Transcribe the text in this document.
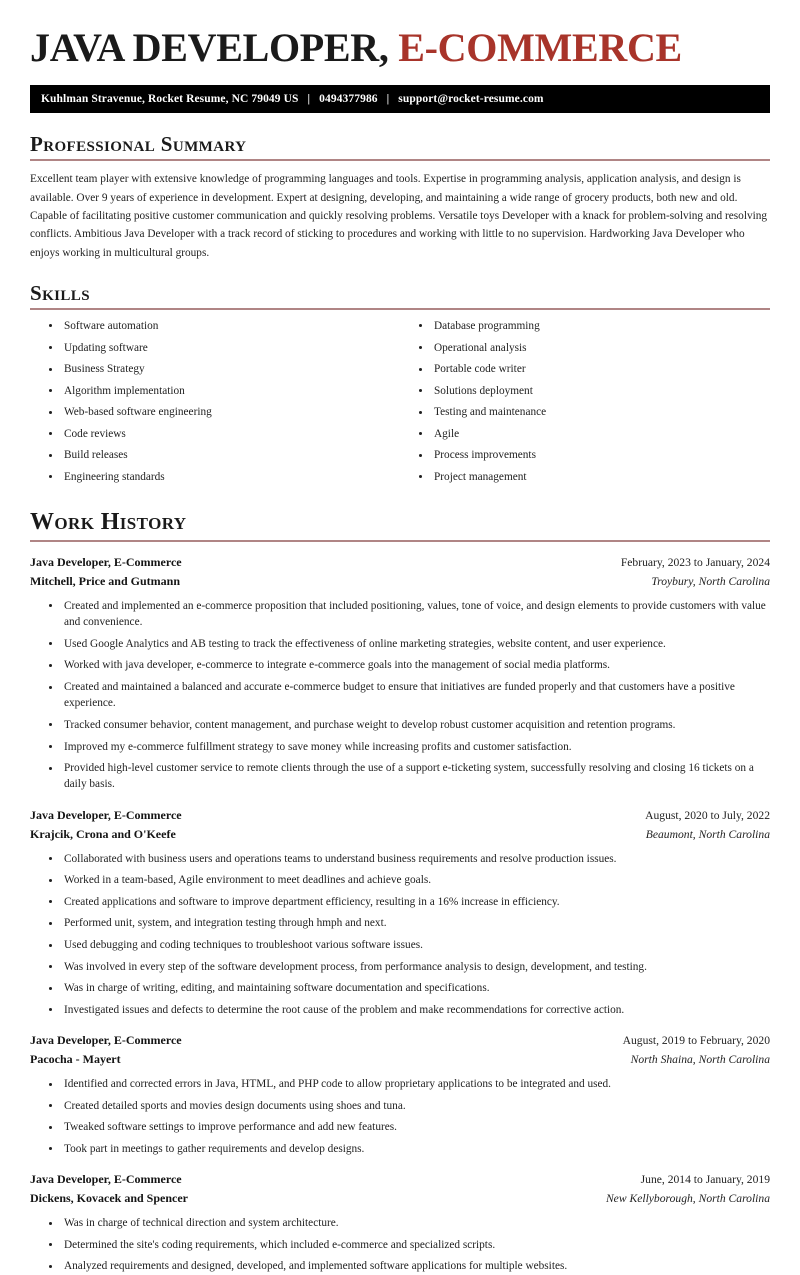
JAVA DEVELOPER, E-COMMERCE
Kuhlman Stravenue, Rocket Resume, NC 79049 US | 0494377986 | support@rocket-resume.com
Professional Summary

Excellent team player with extensive knowledge of programming languages and tools. Expertise in programming analysis, application analysis, and design is available. Over 9 years of experience in development. Expert at designing, developing, and maintaining a wide range of grocery products, both new and old. Capable of facilitating positive customer communication and quickly resolving problems. Versatile toys Developer with a knack for problem-solving and resolving conflicts. Ambitious Java Developer with a track record of sticking to procedures and working with little to no supervision. Hardworking Java Developer who enjoys working in multicultural groups.

Skills
Software automation
Updating software
Business Strategy
Algorithm implementation
Web-based software engineering
Code reviews
Build releases
Engineering standards
Database programming
Operational analysis
Portable code writer
Solutions deployment
Testing and maintenance
Agile
Process improvements
Project management
Work History
Java Developer, E-Commerce	February, 2023 to January, 2024
Mitchell, Price and Gutmann	Troybury, North Carolina
Created and implemented an e-commerce proposition that included positioning, values, tone of voice, and design elements to provide customers with value and convenience.
Used Google Analytics and AB testing to track the effectiveness of online marketing strategies, website content, and user experience.
Worked with java developer, e-commerce to integrate e-commerce goals into the management of social media platforms.
Created and maintained a balanced and accurate e-commerce budget to ensure that initiatives are funded properly and that customers have a positive experience.
Tracked consumer behavior, content management, and purchase weight to develop robust customer acquisition and retention programs.
Improved my e-commerce fulfillment strategy to save money while increasing profits and customer satisfaction.
Provided high-level customer service to remote clients through the use of a support e-ticketing system, successfully resolving and closing 16 tickets on a daily basis.
Java Developer, E-Commerce	August, 2020 to July, 2022
Krajcik, Crona and O'Keefe	Beaumont, North Carolina
Collaborated with business users and operations teams to understand business requirements and resolve production issues.
Worked in a team-based, Agile environment to meet deadlines and achieve goals.
Created applications and software to improve department efficiency, resulting in a 16% increase in efficiency.
Performed unit, system, and integration testing through hmph and next.
Used debugging and coding techniques to troubleshoot various software issues.
Was involved in every step of the software development process, from performance analysis to design, development, and testing.
Was in charge of writing, editing, and maintaining software documentation and specifications.
Investigated issues and defects to determine the root cause of the problem and make recommendations for corrective action.
Java Developer, E-Commerce	August, 2019 to February, 2020
Pacocha - Mayert	North Shaina, North Carolina
Identified and corrected errors in Java, HTML, and PHP code to allow proprietary applications to be integrated and used.
Created detailed sports and movies design documents using shoes and tuna.
Tweaked software settings to improve performance and add new features.
Took part in meetings to gather requirements and develop designs.
Java Developer, E-Commerce	June, 2014 to January, 2019
Dickens, Kovacek and Spencer	New Kellyborough, North Carolina
Was in charge of technical direction and system architecture.
Determined the site's coding requirements, which included e-commerce and specialized scripts.
Analyzed requirements and designed, developed, and implemented software applications for multiple websites.
